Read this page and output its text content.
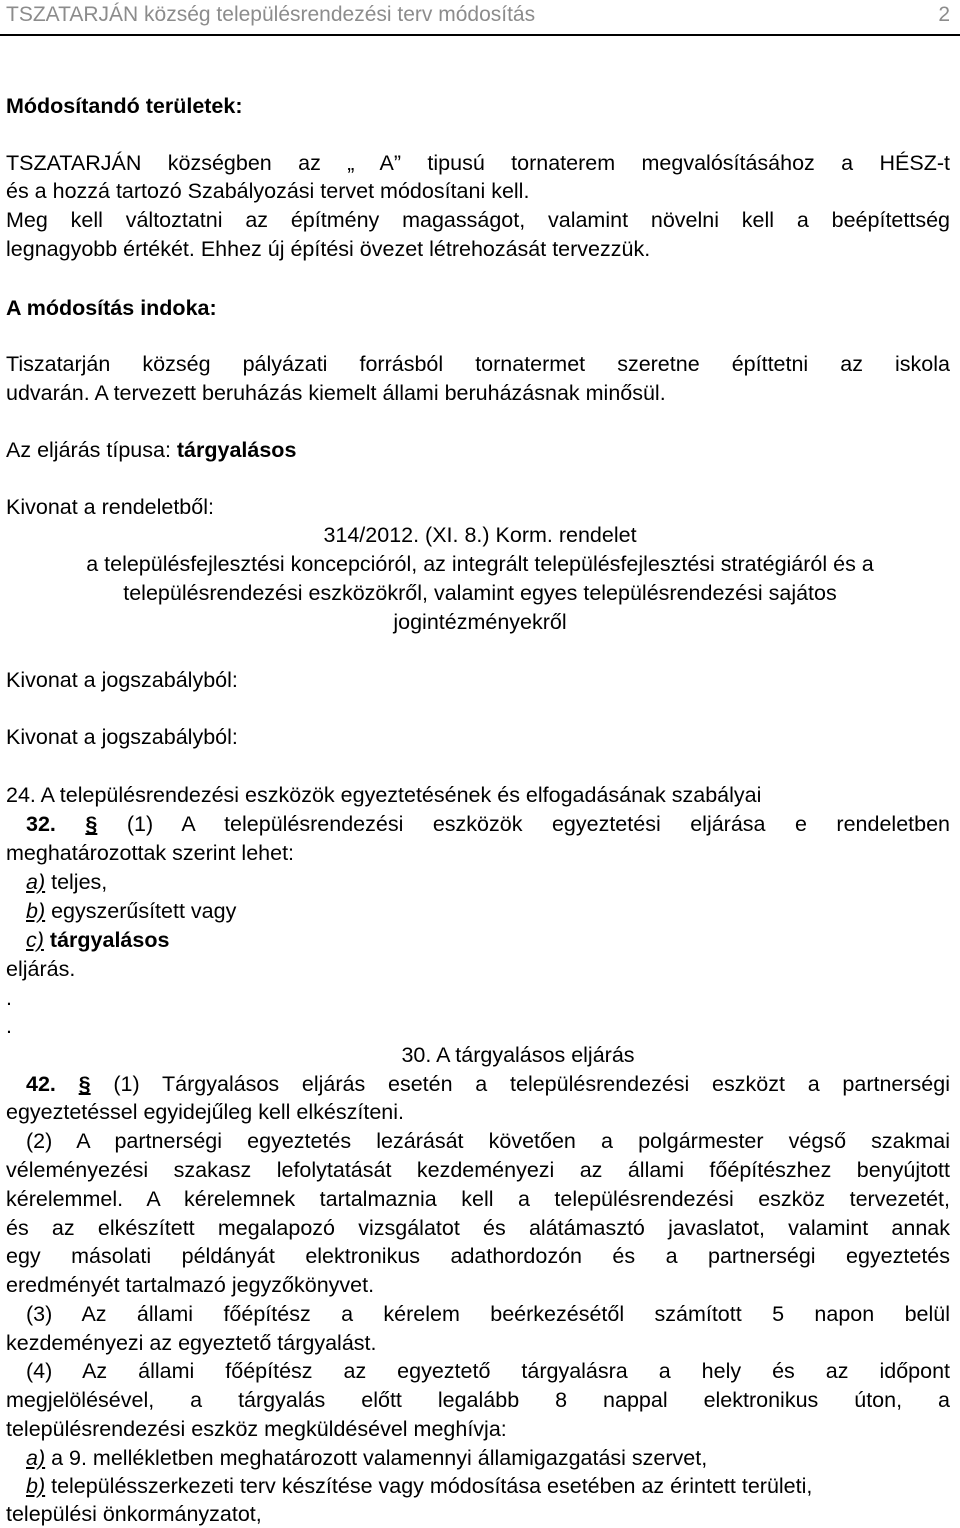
TSZATARJÁN község településrendezési terv módosítás	2
Módosítandó területek:
TSZATARJÁN községben az „ A” tipusú tornaterem megvalósításához a HÉSZ-t
és a hozzá tartozó Szabályozási tervet módosítani kell.
Meg kell változtatni az építmény magasságot, valamint növelni kell a beépítettség
legnagyobb értékét. Ehhez új építési övezet létrehozását tervezzük.
A módosítás indoka:
Tiszatarján község pályázati forrásból tornatermet szeretne építtetni az iskola
udvarán. A tervezett beruházás kiemelt állami beruházásnak minősül.
Az eljárás típusa: tárgyalásos
Kivonat a rendeletből:
314/2012. (XI. 8.) Korm. rendelet
a településfejlesztési koncepcióról, az integrált településfejlesztési stratégiáról és a
településrendezési eszközökről, valamint egyes településrendezési sajátos
jogintézményekről
Kivonat a jogszabályból:
Kivonat a jogszabályból:
24. A településrendezési eszközök egyeztetésének és elfogadásának szabályai
32. § (1) A településrendezési eszközök egyeztetési eljárása e rendeletben
meghatározottak szerint lehet:
a) teljes,
b) egyszerűsített vagy
c) tárgyalásos
eljárás.
.
.
30. A tárgyalásos eljárás
42. § (1) Tárgyalásos eljárás esetén a településrendezési eszközt a partnerségi
egyeztetéssel egyidejűleg kell elkészíteni.
(2) A partnerségi egyeztetés lezárását követően a polgármester végső szakmai
véleményezési szakasz lefolytatását kezdeményezi az állami főépítészhez benyújtott
kérelemmel. A kérelemnek tartalmaznia kell a településrendezési eszköz tervezetét,
és az elkészített megalapozó vizsgálatot és alátámasztó javaslatot, valamint annak
egy másolati példányát elektronikus adathordozón és a partnerségi egyeztetés
eredményét tartalmazó jegyzőkönyvet.
(3) Az állami főépítész a kérelem beérkezésétől számított 5 napon belül
kezdeményezi az egyeztető tárgyalást.
(4) Az állami főépítész az egyeztető tárgyalásra a hely és az időpont
megjelölésével, a tárgyalás előtt legalább 8 nappal elektronikus úton, a
településrendezési eszköz megküldésével meghívja:
a) a 9. mellékletben meghatározott valamennyi államigazgatási szervet,
b) településszerkezeti terv készítése vagy módosítása esetében az érintett területi,
települési önkormányzatot,
